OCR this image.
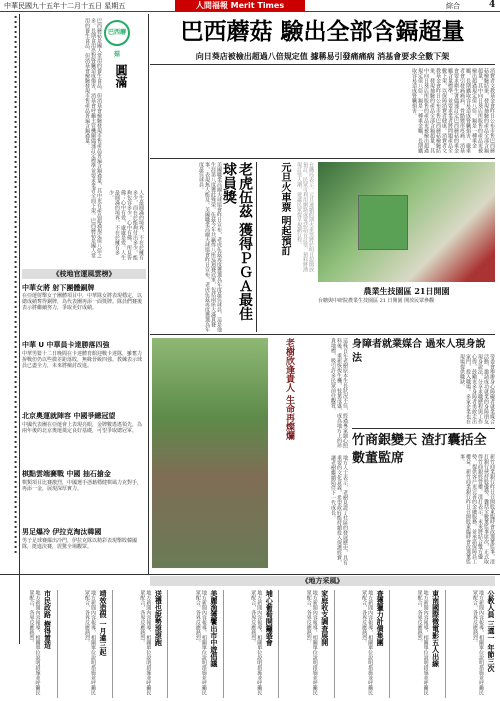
中華民國九十五年十二月十五日 星期五	人間福報 Merit Times	綜合	4
▪▪▪▪▪▪▪▪▪▪▪▪▪▪▪▪▪▪▪▪▪▪▪▪▪▪▪▪▪▪▪▪▪▪▪▪▪▪▪▪▪▪▪▪▪▪▪▪▪▪▪▪▪▪▪▪▪▪▪▪▪▪▪▪▪▪▪▪▪▪▪▪▪▪▪▪▪▪▪▪▪▪▪▪▪▪▪▪▪▪▪▪▪▪▪▪▪▪▪▪▪▪▪▪▪▪▪▪	巴西蘑菇
圓滿
巴西蘑菇是國人常用的養生食品，但消基會檢驗發現市售產品普遍含鎘過量，其中更有產品超過規定值八倍之多。長期食用恐對腎臟造成傷害，消基會呼籲主管機關儘速訂定標準並要求業者全面下架。巴西蘑菇是國人常用的養生食品，但消基會檢驗發現市售產品普遍含鎘過量。
人生最圓滿的境界，不在於擁有多少，而在於能夠付出多少，能夠包容多少。心中有佛，所見皆佛；心中有愛，處處是愛。人生最圓滿的境界，不在於擁有多少。
《枝地官運風雲榜》
中華女將 射下團體銅牌
在亞運射擊女子團體項目中，中華隊女將表現穩定，以總成績奪得銅牌，為代表團再添一面獎牌。隊員們賽後表示將繼續努力，爭取更好成績。
中華 U 中華員卡達勝落四強
中華男籃十二日晚間在卡達體育館迎戰卡達隊，雖奮力拚戰但仍以些微差距落敗，無緣晉級四強。教練表示球員已盡全力，未來將檢討改進。
北京奧運就陣容 中國爭總冠望
中國代表團在亞運會上表現亮眼，金牌數遙遙領先，為兩年後的北京奧運奠定良好基礎，可望爭取總冠軍。
棋點雲端賽戰 中國 抽石搶金
棋類項目比賽激烈，中國選手憑藉穩健棋風力克對手，再添一金，展現深厚實力。
男足爆冷 伊拉克淘汰韓國
男子足球賽爆出冷門，伊拉克隊以精彩表現擊敗韓國隊，挺進決賽，震驚全場觀眾。
巴西蘑菇 驗出全部含鎘超量
向日葵店被檢出超過八倍規定值 據稱易引發痛痛病 消基會要求全數下架
消費者文教基金會昨日公布市售巴西蘑菇檢驗結果，發現抽驗的產品全部含鎘超量，其中向日葵店所販售的產品更被檢出超過規定值八倍。鎘是一種重金屬，長期攝取容易造成腎臟損害，嚴重者會引發痛痛病，骨骼變形疼痛。消基會要求衛生署儘速訂定巴西蘑菇的重金屬含量標準，並要求業者將問題產品全數下架，以保障消費者健康。消費者文教基金會昨日公布市售巴西蘑菇檢驗結果，發現抽驗的產品全部含鎘超量，其中向日葵店所販售的產品更被檢出超過規定值八倍。鎘是一種重金屬，長期攝取容易造成腎臟損害。
美國職業高爾夫球協會昨日宣布，老虎伍茲再度獲選為年度最佳球員，這是他生涯第八度獲此殊榮。伍茲今年共贏得八座巡迴賽冠軍，包括兩座大滿貫賽事，表現無人能及。美國職業高爾夫球協會昨日宣布，老虎伍茲再度獲選為年度最佳球員。	老虎伍茲 獲得ＰＧＡ最佳球員獎	元旦火車票 明起預訂	台鐵局表示，元旦連續假期火車票將於明日起開放預訂，民眾可利用網路或電話語音訂票，預料將湧現訂票人潮，建議民眾提早規劃行程。
農業生技園區 21日開園
台糖與中研院農業生技園區 21 日開園 開放民眾參觀
老樹欣逢貴人 生命再燦爛	這株百年老樹原本生長狀況不佳，經過專家細心照料後，重新恢復生機，枝葉茂盛，成為地方上的珍貴地標，吸引許多民眾前往觀賞。
地方人士表示，老樹見證了社區的發展歷史，具有重要的文化意義，希望政府能持續投入保護經費，讓老樹繼續陪伴下一代成長。
身障者就業媒合 過來人現身說法	勞委會舉辦身心障礙者就業媒合活動，邀請成功就業的身障朋友現身說法，分享求職歷程與工作心得，鼓勵更多身障者勇敢走出家門，投入職場。多家企業也在現場提供職缺。
竹商銀變天 渣打囊括全數董監席	新竹商業銀行昨日召開股東臨時會改選董監事，渣打銀行挾持股優勢，囊括全數董監事席次，正式取得竹商銀經營權。渣打表示，未來將結合雙方優勢，提供客戶更完善的金融服務，並承諾保障員工權益。新竹商業銀行昨日召開股東臨時會改選董監事。
《地方采風》
公教人員 三選一 年節三次
地方新聞內容報導，相關單位說明措施並呼籲民眾配合，各界反應熱烈。
東南國際微電影五人出線
地方新聞內容報導，相關單位說明措施並呼籲民眾配合，各界反應熱烈。
查獲獵力計債集團
地方新聞內容報導，相關單位說明措施並呼籲民眾配合，各界反應熱烈。
家庭收支調查展開
地方新聞內容報導，相關單位說明措施並呼籲民眾配合，各界反應熱烈。
埔心葡萄開鑼盛會
地方新聞內容報導，相關單位說明措施並呼籲民眾配合，各界反應熱烈。
美麗漁獲饗出市中遊倡議
地方新聞內容報導，相關單位說明措施並呼籲民眾配合，各界反應熱烈。
送禮也說勢滾滾跑
地方新聞內容報導，相關單位說明措施並呼籲民眾配合，各界反應熱烈。
靖效造假 一月違三起
地方新聞內容報導，相關單位說明措施並呼籲民眾配合，各界反應熱烈。
市民政路 樹得置造
地方新聞內容報導，相關單位說明措施並呼籲民眾配合，各界反應熱烈。
